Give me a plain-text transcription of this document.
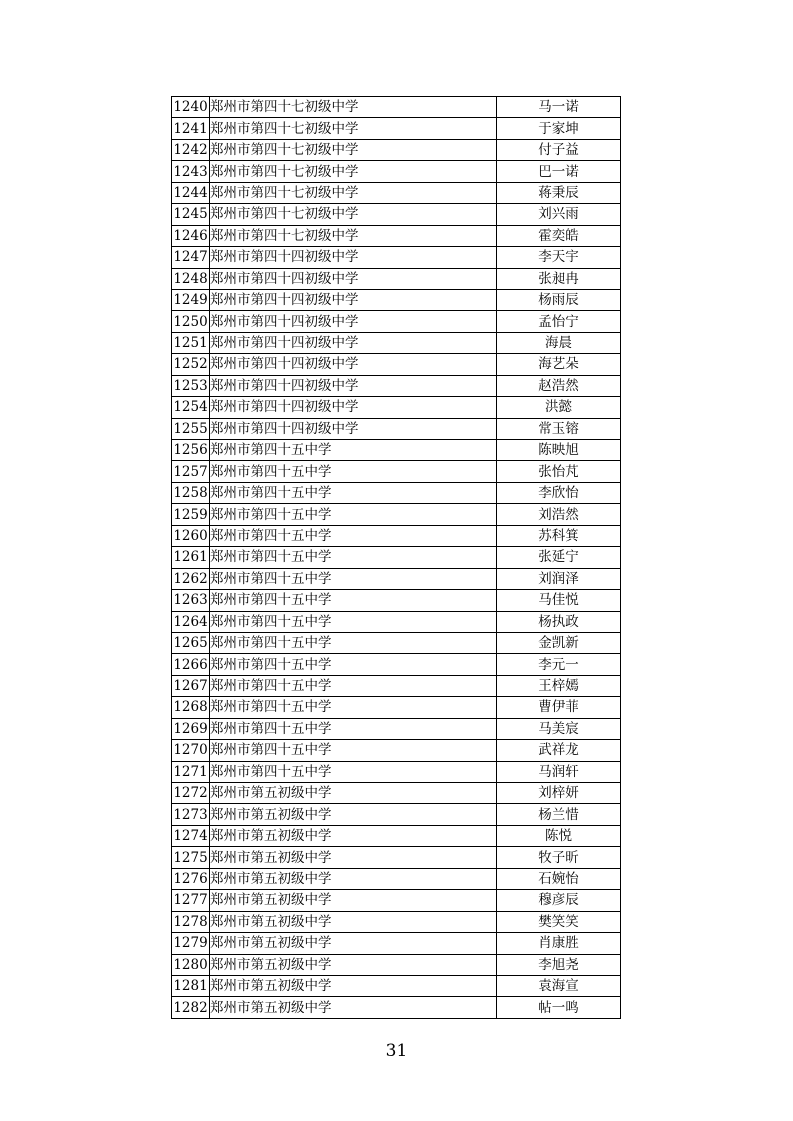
1240	郑州市第四十七初级中学	马一诺
1241	郑州市第四十七初级中学	于家坤
1242	郑州市第四十七初级中学	付子益
1243	郑州市第四十七初级中学	巴一诺
1244	郑州市第四十七初级中学	蒋秉辰
1245	郑州市第四十七初级中学	刘兴雨
1246	郑州市第四十七初级中学	霍奕皓
1247	郑州市第四十四初级中学	李天宇
1248	郑州市第四十四初级中学	张昶冉
1249	郑州市第四十四初级中学	杨雨辰
1250	郑州市第四十四初级中学	孟怡宁
1251	郑州市第四十四初级中学	海晨
1252	郑州市第四十四初级中学	海艺朵
1253	郑州市第四十四初级中学	赵浩然
1254	郑州市第四十四初级中学	洪懿
1255	郑州市第四十四初级中学	常玉镕
1256	郑州市第四十五中学	陈映旭
1257	郑州市第四十五中学	张怡芃
1258	郑州市第四十五中学	李欣怡
1259	郑州市第四十五中学	刘浩然
1260	郑州市第四十五中学	苏科箕
1261	郑州市第四十五中学	张延宁
1262	郑州市第四十五中学	刘润泽
1263	郑州市第四十五中学	马佳悦
1264	郑州市第四十五中学	杨执政
1265	郑州市第四十五中学	金凯新
1266	郑州市第四十五中学	李元一
1267	郑州市第四十五中学	王梓嫣
1268	郑州市第四十五中学	曹伊菲
1269	郑州市第四十五中学	马美宸
1270	郑州市第四十五中学	武祥龙
1271	郑州市第四十五中学	马润轩
1272	郑州市第五初级中学	刘梓妍
1273	郑州市第五初级中学	杨兰惜
1274	郑州市第五初级中学	陈悦
1275	郑州市第五初级中学	牧子昕
1276	郑州市第五初级中学	石婉怡
1277	郑州市第五初级中学	穆彦辰
1278	郑州市第五初级中学	樊笑笑
1279	郑州市第五初级中学	肖康胜
1280	郑州市第五初级中学	李旭尧
1281	郑州市第五初级中学	袁海宣
1282	郑州市第五初级中学	帖一鸣
31
